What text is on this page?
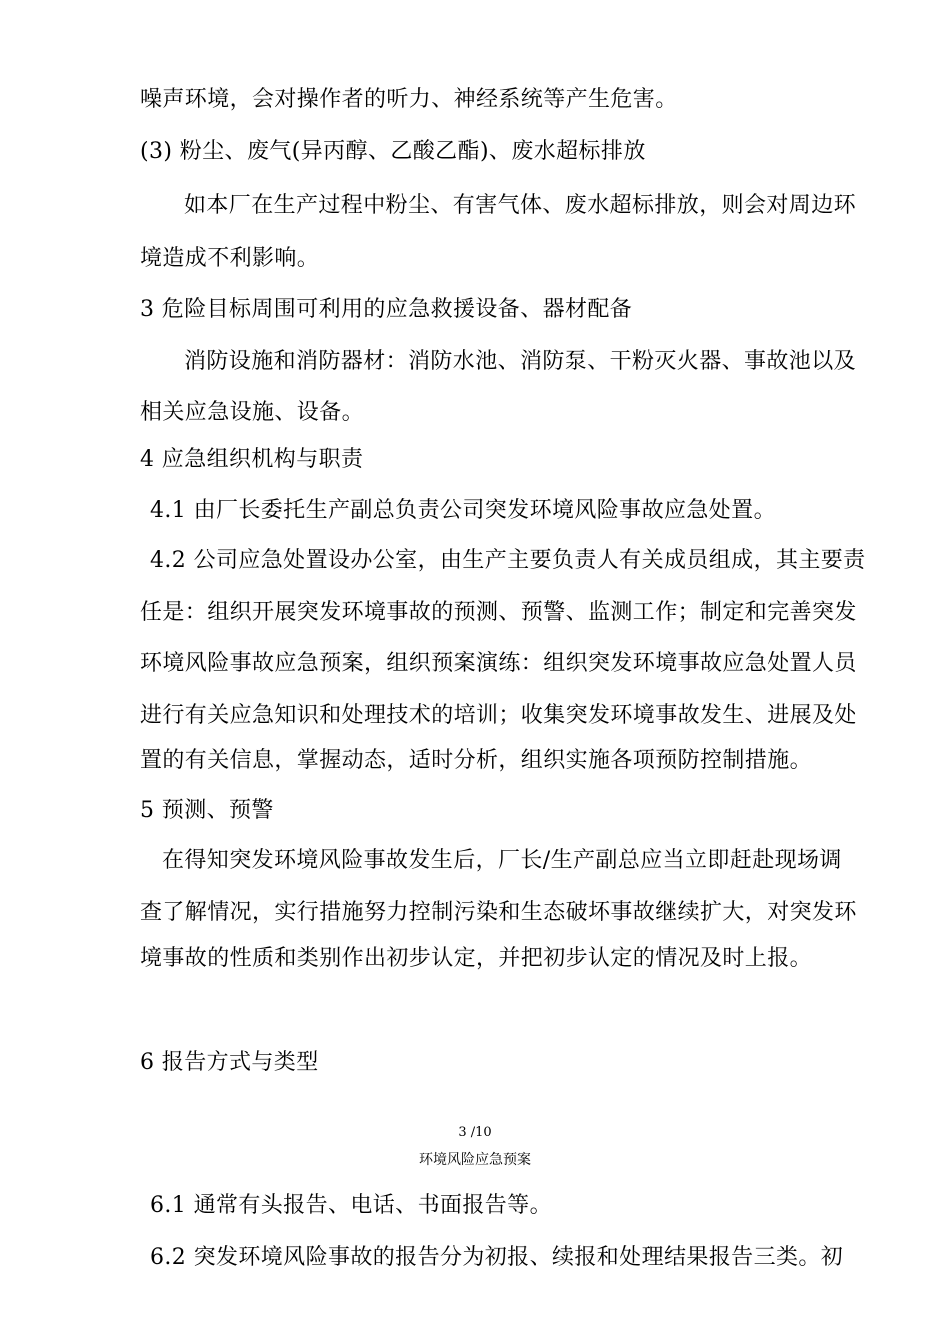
噪声环境，会对操作者的听力、神经系统等产生危害。

(3) 粉尘、废气(异丙醇、乙酸乙酯)、废水超标排放

如本厂在生产过程中粉尘、有害气体、废水超标排放，则会对周边环

境造成不利影响。

3 危险目标周围可利用的应急救援设备、器材配备

消防设施和消防器材：消防水池、消防泵、干粉灭火器、事故池以及

相关应急设施、设备。

4 应急组织机构与职责

4.1 由厂长委托生产副总负责公司突发环境风险事故应急处置。

4.2 公司应急处置设办公室，由生产主要负责人有关成员组成，其主要责

任是：组织开展突发环境事故的预测、预警、监测工作；制定和完善突发

环境风险事故应急预案，组织预案演练：组织突发环境事故应急处置人员

进行有关应急知识和处理技术的培训；收集突发环境事故发生、进展及处

置的有关信息，掌握动态，适时分析，组织实施各项预防控制措施。

5 预测、预警

在得知突发环境风险事故发生后，厂长/生产副总应当立即赶赴现场调

查了解情况，实行措施努力控制污染和生态破坏事故继续扩大，对突发环

境事故的性质和类别作出初步认定，并把初步认定的情况及时上报。

6 报告方式与类型

3 /10

环境风险应急预案

6.1 通常有头报告、电话、书面报告等。

6.2 突发环境风险事故的报告分为初报、续报和处理结果报告三类。初
